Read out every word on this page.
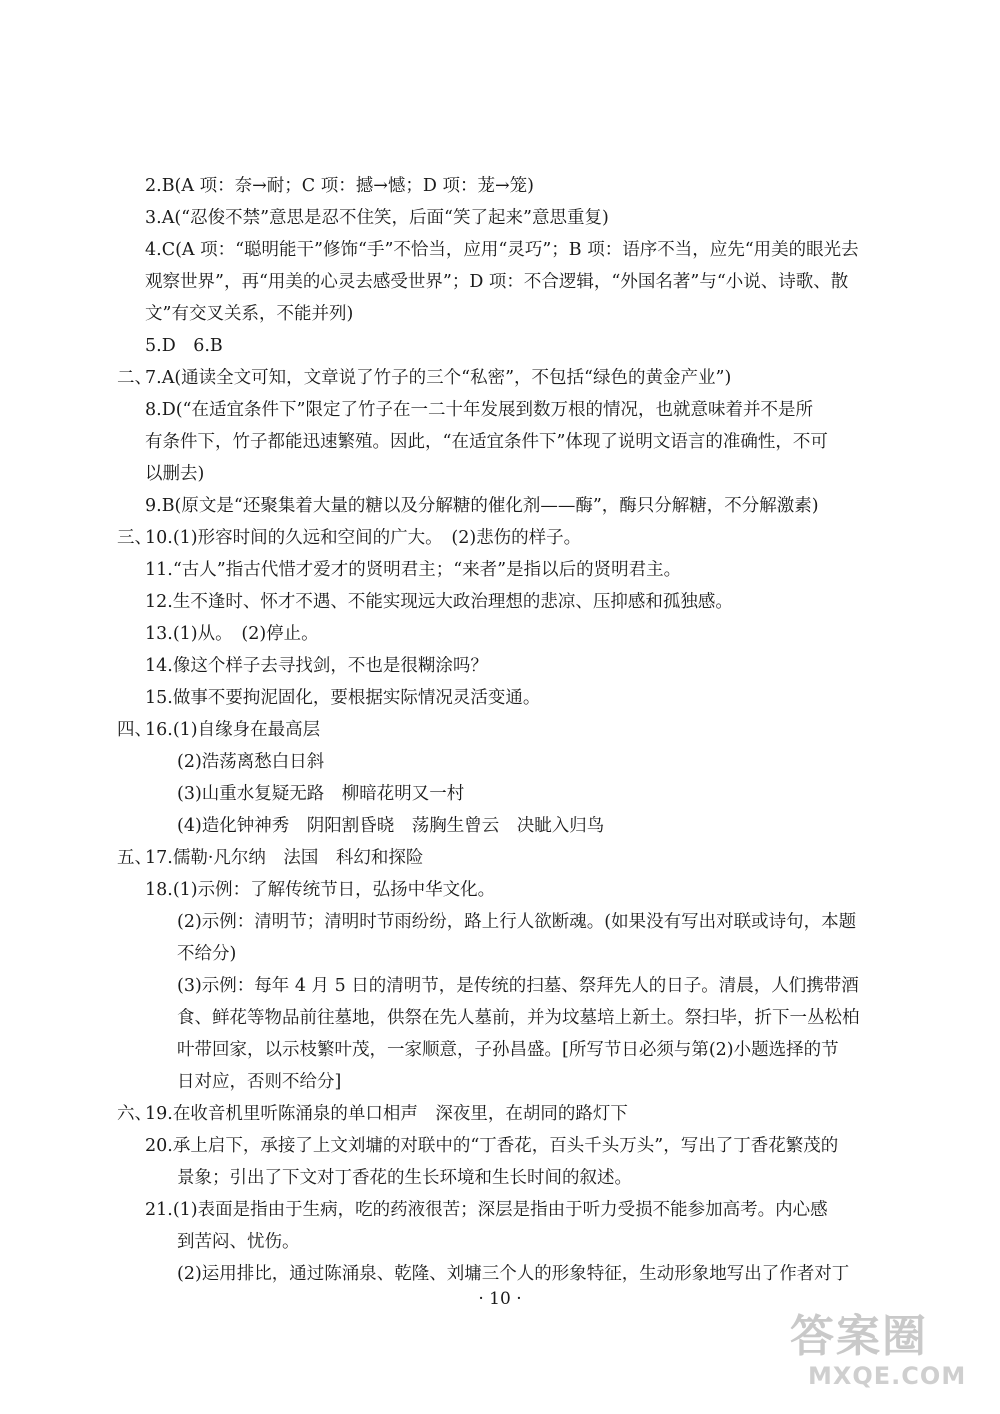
2.B(A 项：奈→耐；C 项：撼→憾；D 项：茏→笼)
3.A(“忍俊不禁”意思是忍不住笑，后面“笑了起来”意思重复)
4.C(A 项：“聪明能干”修饰“手”不恰当，应用“灵巧”；B 项：语序不当，应先“用美的眼光去
观察世界”，再“用美的心灵去感受世界”；D 项：不合逻辑，“外国名著”与“小说、诗歌、散
文”有交叉关系，不能并列)
5.D　6.B
二、
7.A(通读全文可知，文章说了竹子的三个“私密”，不包括“绿色的黄金产业”)
8.D(“在适宜条件下”限定了竹子在一二十年发展到数万根的情况，也就意味着并不是所
有条件下，竹子都能迅速繁殖。因此，“在适宜条件下”体现了说明文语言的准确性，不可
以删去)
9.B(原文是“还聚集着大量的糖以及分解糖的催化剂——酶”，酶只分解糖，不分解激素)
三、
10.(1)形容时间的久远和空间的广大。　(2)悲伤的样子。
11.“古人”指古代惜才爱才的贤明君主；“来者”是指以后的贤明君主。
12.生不逢时、怀才不遇、不能实现远大政治理想的悲凉、压抑感和孤独感。
13.(1)从。　(2)停止。
14.像这个样子去寻找剑，不也是很糊涂吗？
15.做事不要拘泥固化，要根据实际情况灵活变通。
四、
16.(1)自缘身在最高层
(2)浩荡离愁白日斜
(3)山重水复疑无路　柳暗花明又一村
(4)造化钟神秀　阴阳割昏晓　荡胸生曾云　决眦入归鸟
五、
17.儒勒·凡尔纳　法国　科幻和探险
18.(1)示例：了解传统节日，弘扬中华文化。
(2)示例：清明节；清明时节雨纷纷，路上行人欲断魂。(如果没有写出对联或诗句，本题
不给分)
(3)示例：每年 4 月 5 日的清明节，是传统的扫墓、祭拜先人的日子。清晨，人们携带酒
食、鲜花等物品前往墓地，供祭在先人墓前，并为坟墓培上新土。祭扫毕，折下一丛松柏
叶带回家，以示枝繁叶茂，一家顺意，子孙昌盛。[所写节日必须与第(2)小题选择的节
日对应，否则不给分]
六、
19.在收音机里听陈涌泉的单口相声　深夜里，在胡同的路灯下
20.承上启下，承接了上文刘墉的对联中的“丁香花，百头千头万头”，写出了丁香花繁茂的
景象；引出了下文对丁香花的生长环境和生长时间的叙述。
21.(1)表面是指由于生病，吃的药液很苦；深层是指由于听力受损不能参加高考。内心感
到苦闷、忧伤。
(2)运用排比，通过陈涌泉、乾隆、刘墉三个人的形象特征，生动形象地写出了作者对丁
· 10 ·
答案圈
MXQE.COM
